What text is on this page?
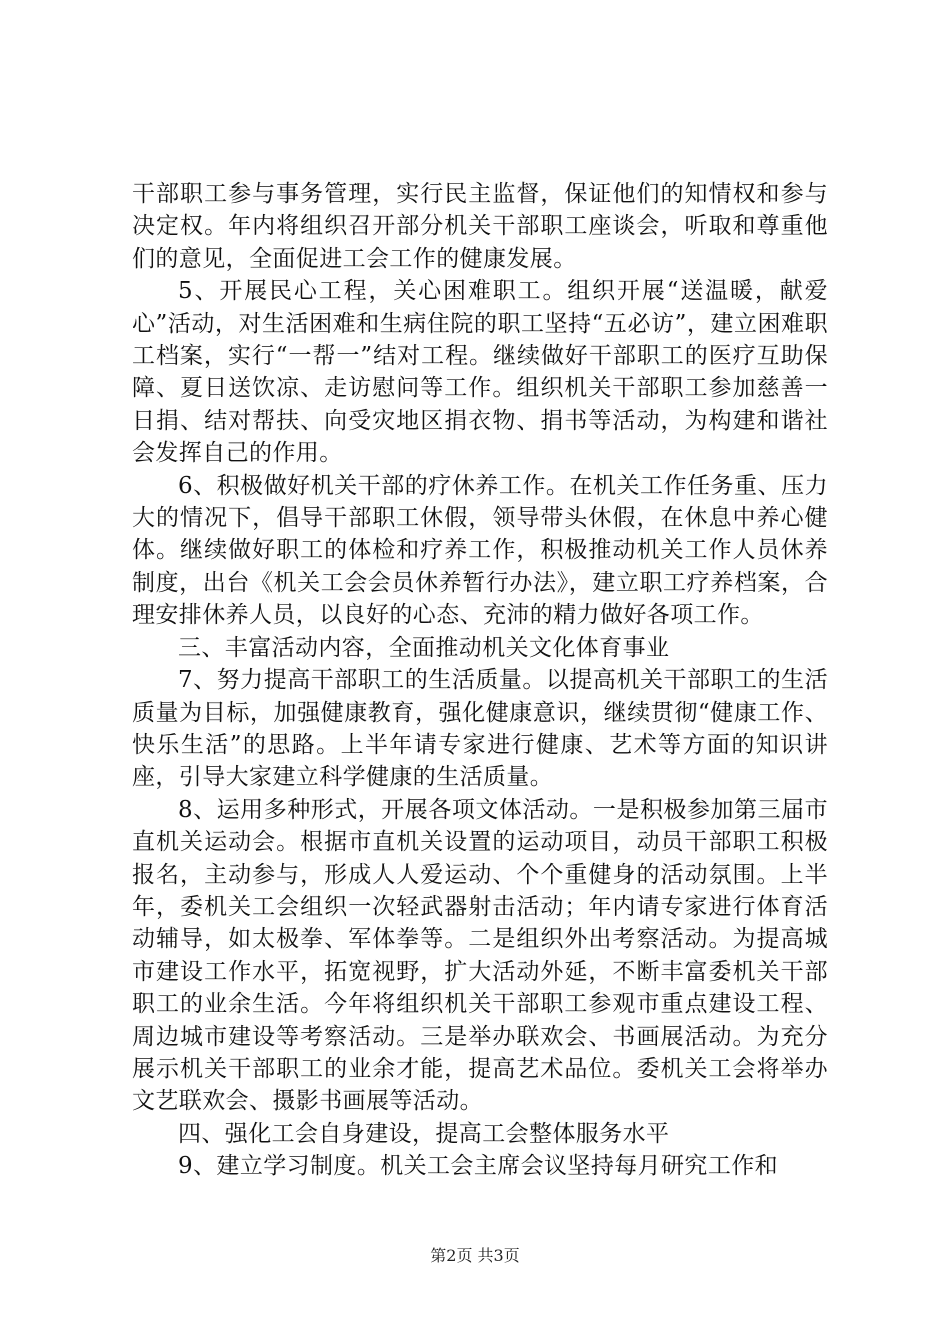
干部职工参与事务管理，实行民主监督，保证他们的知情权和参与决定权。年内将组织召开部分机关干部职工座谈会，听取和尊重他们的意见，全面促进工会工作的健康发展。

5、开展民心工程，关心困难职工。组织开展“送温暖，献爱心”活动，对生活困难和生病住院的职工坚持“五必访”，建立困难职工档案，实行“一帮一”结对工程。继续做好干部职工的医疗互助保障、夏日送饮凉、走访慰问等工作。组织机关干部职工参加慈善一日捐、结对帮扶、向受灾地区捐衣物、捐书等活动，为构建和谐社会发挥自己的作用。

6、积极做好机关干部的疗休养工作。在机关工作任务重、压力大的情况下，倡导干部职工休假，领导带头休假，在休息中养心健体。继续做好职工的体检和疗养工作，积极推动机关工作人员休养制度，出台《机关工会会员休养暂行办法》，建立职工疗养档案，合理安排休养人员，以良好的心态、充沛的精力做好各项工作。

三、丰富活动内容，全面推动机关文化体育事业

7、努力提高干部职工的生活质量。以提高机关干部职工的生活质量为目标，加强健康教育，强化健康意识，继续贯彻“健康工作、快乐生活”的思路。上半年请专家进行健康、艺术等方面的知识讲座，引导大家建立科学健康的生活质量。

8、运用多种形式，开展各项文体活动。一是积极参加第三届市直机关运动会。根据市直机关设置的运动项目，动员干部职工积极报名，主动参与，形成人人爱运动、个个重健身的活动氛围。上半年，委机关工会组织一次轻武器射击活动；年内请专家进行体育活动辅导，如太极拳、军体拳等。二是组织外出考察活动。为提高城市建设工作水平，拓宽视野，扩大活动外延，不断丰富委机关干部职工的业余生活。今年将组织机关干部职工参观市重点建设工程、周边城市建设等考察活动。三是举办联欢会、书画展活动。为充分展示机关干部职工的业余才能，提高艺术品位。委机关工会将举办文艺联欢会、摄影书画展等活动。

四、强化工会自身建设，提高工会整体服务水平

9、建立学习制度。机关工会主席会议坚持每月研究工作和

第2页 共3页
